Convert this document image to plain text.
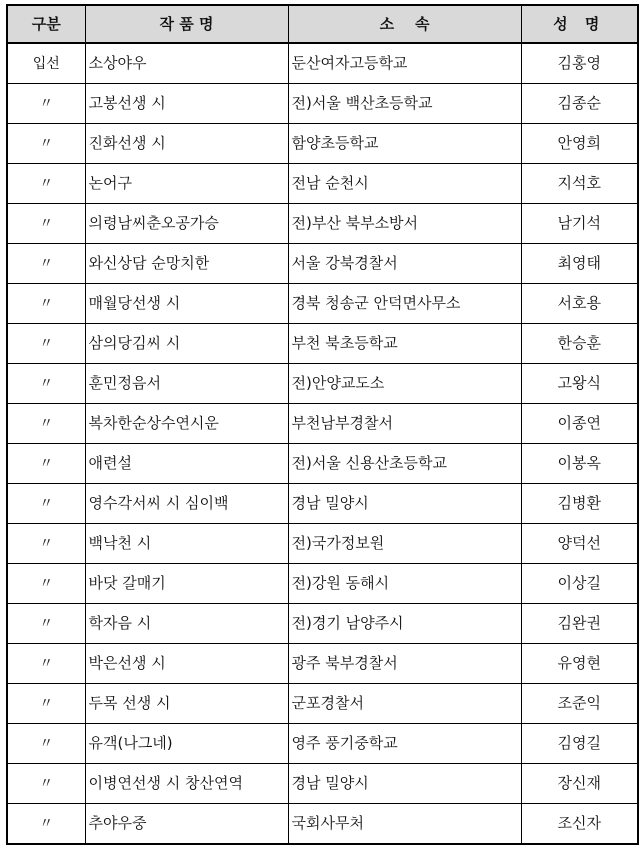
구분	작 품 명	소    속	성 명
입선	소상야우	둔산여자고등학교	김홍영
〃	고봉선생 시	전)서울 백산초등학교	김종순
〃	진화선생 시	함양초등학교	안영희
〃	논어구	전남 순천시	지석호
〃	의령남씨춘오공가승	전)부산 북부소방서	남기석
〃	와신상담 순망치한	서울 강북경찰서	최영태
〃	매월당선생 시	경북 청송군 안덕면사무소	서호용
〃	삼의당김씨 시	부천 북초등학교	한승훈
〃	훈민정음서	전)안양교도소	고왕식
〃	복차한순상수연시운	부천남부경찰서	이종연
〃	애련설	전)서울 신용산초등학교	이봉옥
〃	영수각서씨 시 심이백	경남 밀양시	김병환
〃	백낙천 시	전)국가정보원	양덕선
〃	바닷 갈매기	전)강원 동해시	이상길
〃	학자음 시	전)경기 남양주시	김완권
〃	박은선생 시	광주 북부경찰서	유영현
〃	두목 선생 시	군포경찰서	조준익
〃	유객(나그네)	영주 풍기중학교	김영길
〃	이병연선생 시 창산연역	경남 밀양시	장신재
〃	추야우중	국회사무처	조신자
